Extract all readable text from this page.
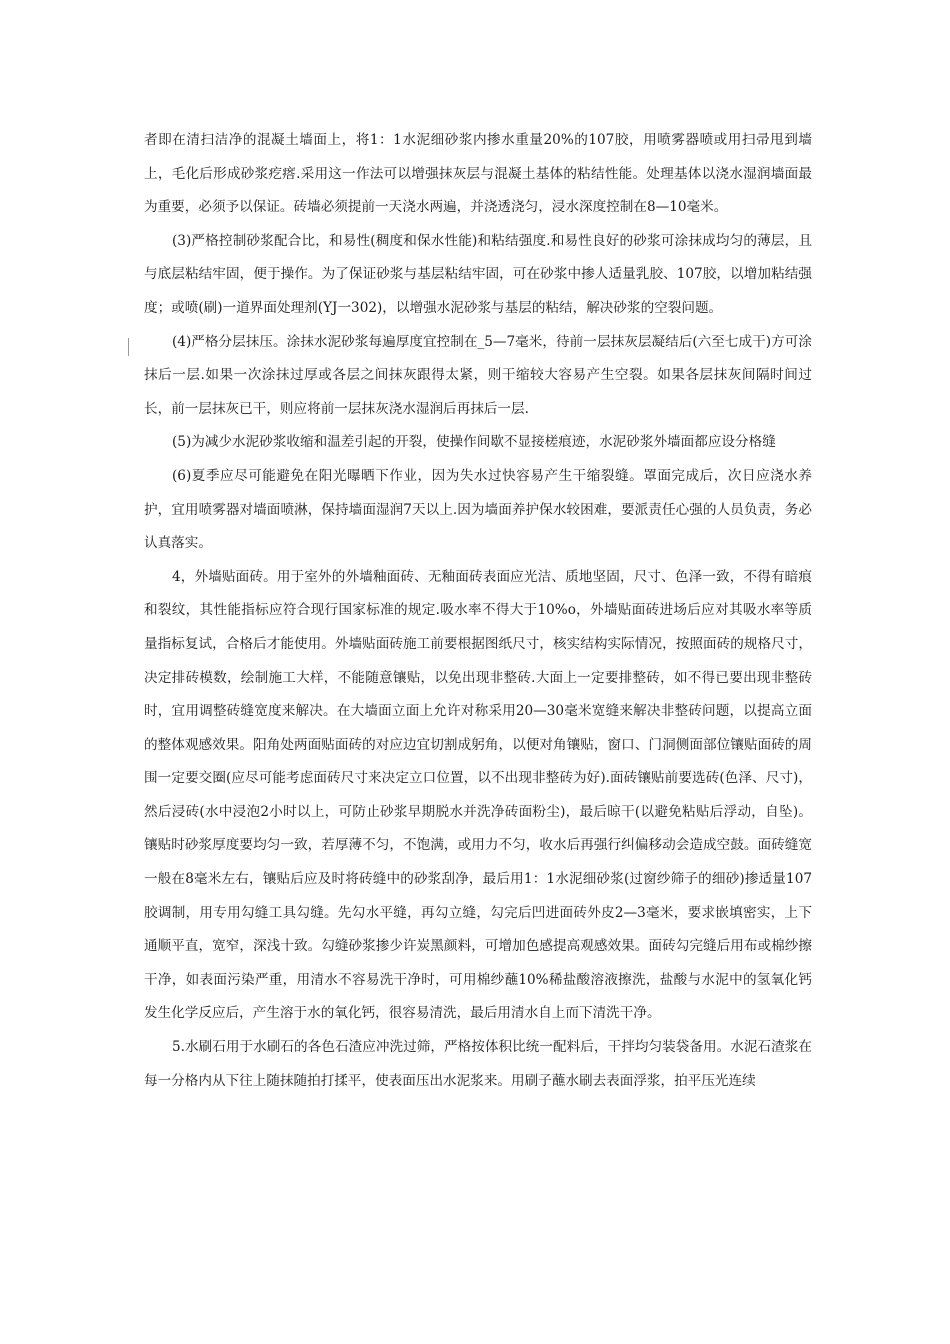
者即在清扫洁净的混凝土墙面上，将1：1水泥细砂浆内掺水重量20%的107胶，用喷雾器喷或用扫帚甩到墙上，毛化后形成砂浆疙瘩.采用这一作法可以增强抹灰层与混凝土基体的粘结性能。处理基体以浇水湿润墙面最为重要，必须予以保证。砖墙必须提前一天浇水两遍，并浇透浇匀，浸水深度控制在8—10毫米。

(3)严格控制砂浆配合比，和易性(稠度和保水性能)和粘结强度.和易性良好的砂浆可涂抹成均匀的薄层，且与底层粘结牢固，便于操作。为了保证砂浆与基层粘结牢固，可在砂浆中掺人适量乳胶、107胶，以增加粘结强度；或喷(刷)一道界面处理剂(YJ一302)，以增强水泥砂浆与基层的粘结，解决砂浆的空裂问题。

(4)严格分层抹压。涂抹水泥砂浆每遍厚度宜控制在_5—7毫米，待前一层抹灰层凝结后(六至七成干)方可涂抹后一层.如果一次涂抹过厚或各层之间抹灰跟得太紧，则干缩较大容易产生空裂。如果各层抹灰间隔时间过长，前一层抹灰已干，则应将前一层抹灰浇水湿润后再抹后一层.

(5)为减少水泥砂浆收缩和温差引起的开裂，使操作间歇不显接槎痕迹，水泥砂浆外墙面都应设分格缝

(6)夏季应尽可能避免在阳光曝晒下作业，因为失水过快容易产生干缩裂缝。罩面完成后，次日应浇水养护，宜用喷雾器对墙面喷淋，保持墙面湿润7天以上.因为墙面养护保水较困难，要派责任心强的人员负责，务必认真落实。

4，外墙贴面砖。用于室外的外墙釉面砖、无釉面砖表面应光洁、质地坚固，尺寸、色泽一致，不得有暗痕和裂纹，其性能指标应符合现行国家标准的规定.吸水率不得大于10%o，外墙贴面砖进场后应对其吸水率等质量指标复试，合格后才能使用。外墙贴面砖施工前要根据图纸尺寸，核实结构实际情况，按照面砖的规格尺寸，决定排砖模数，绘制施工大样，不能随意镶贴，以免出现非整砖.大面上一定要排整砖，如不得已要出现非整砖时，宜用调整砖缝宽度来解决。在大墙面立面上允许对称采用20—30毫米宽缝来解决非整砖问题，以提高立面的整体观感效果。阳角处两面贴面砖的对应边宜切割成躬角，以便对角镶贴，窗口、门洞侧面部位镶贴面砖的周围一定要交圈(应尽可能考虑面砖尺寸来决定立口位置，以不出现非整砖为好).面砖镶贴前要选砖(色泽、尺寸)，然后浸砖(水中浸泡2小时以上，可防止砂浆早期脱水并洗净砖面粉尘)，最后晾干(以避免粘贴后浮动，自坠)。镶贴时砂浆厚度要均匀一致，若厚薄不匀，不饱满，或用力不匀，收水后再强行纠偏移动会造成空鼓。面砖缝宽一般在8毫米左右，镶贴后应及时将砖缝中的砂浆刮净，最后用1：1水泥细砂浆(过窗纱筛子的细砂)掺适量107胶调制，用专用勾缝工具勾缝。先勾水平缝，再勾立缝，勾完后凹进面砖外皮2—3毫米，要求嵌填密实，上下通顺平直，宽窄，深浅十致。勾缝砂浆掺少许炭黑颜料，可增加色感提高观感效果。面砖勾完缝后用布或棉纱擦干净，如表面污染严重，用清水不容易洗干净时，可用棉纱蘸10%稀盐酸溶液擦洗，盐酸与水泥中的氢氧化钙发生化学反应后，产生溶于水的氧化钙，很容易清洗，最后用清水自上而下清洗干净。

5.水刷石用于水刷石的各色石渣应冲洗过筛，严格按体积比统一配料后，干拌均匀装袋备用。水泥石渣浆在每一分格内从下往上随抹随拍打揉平，使表面压出水泥浆来。用刷子蘸水刷去表面浮浆，拍平压光连续
